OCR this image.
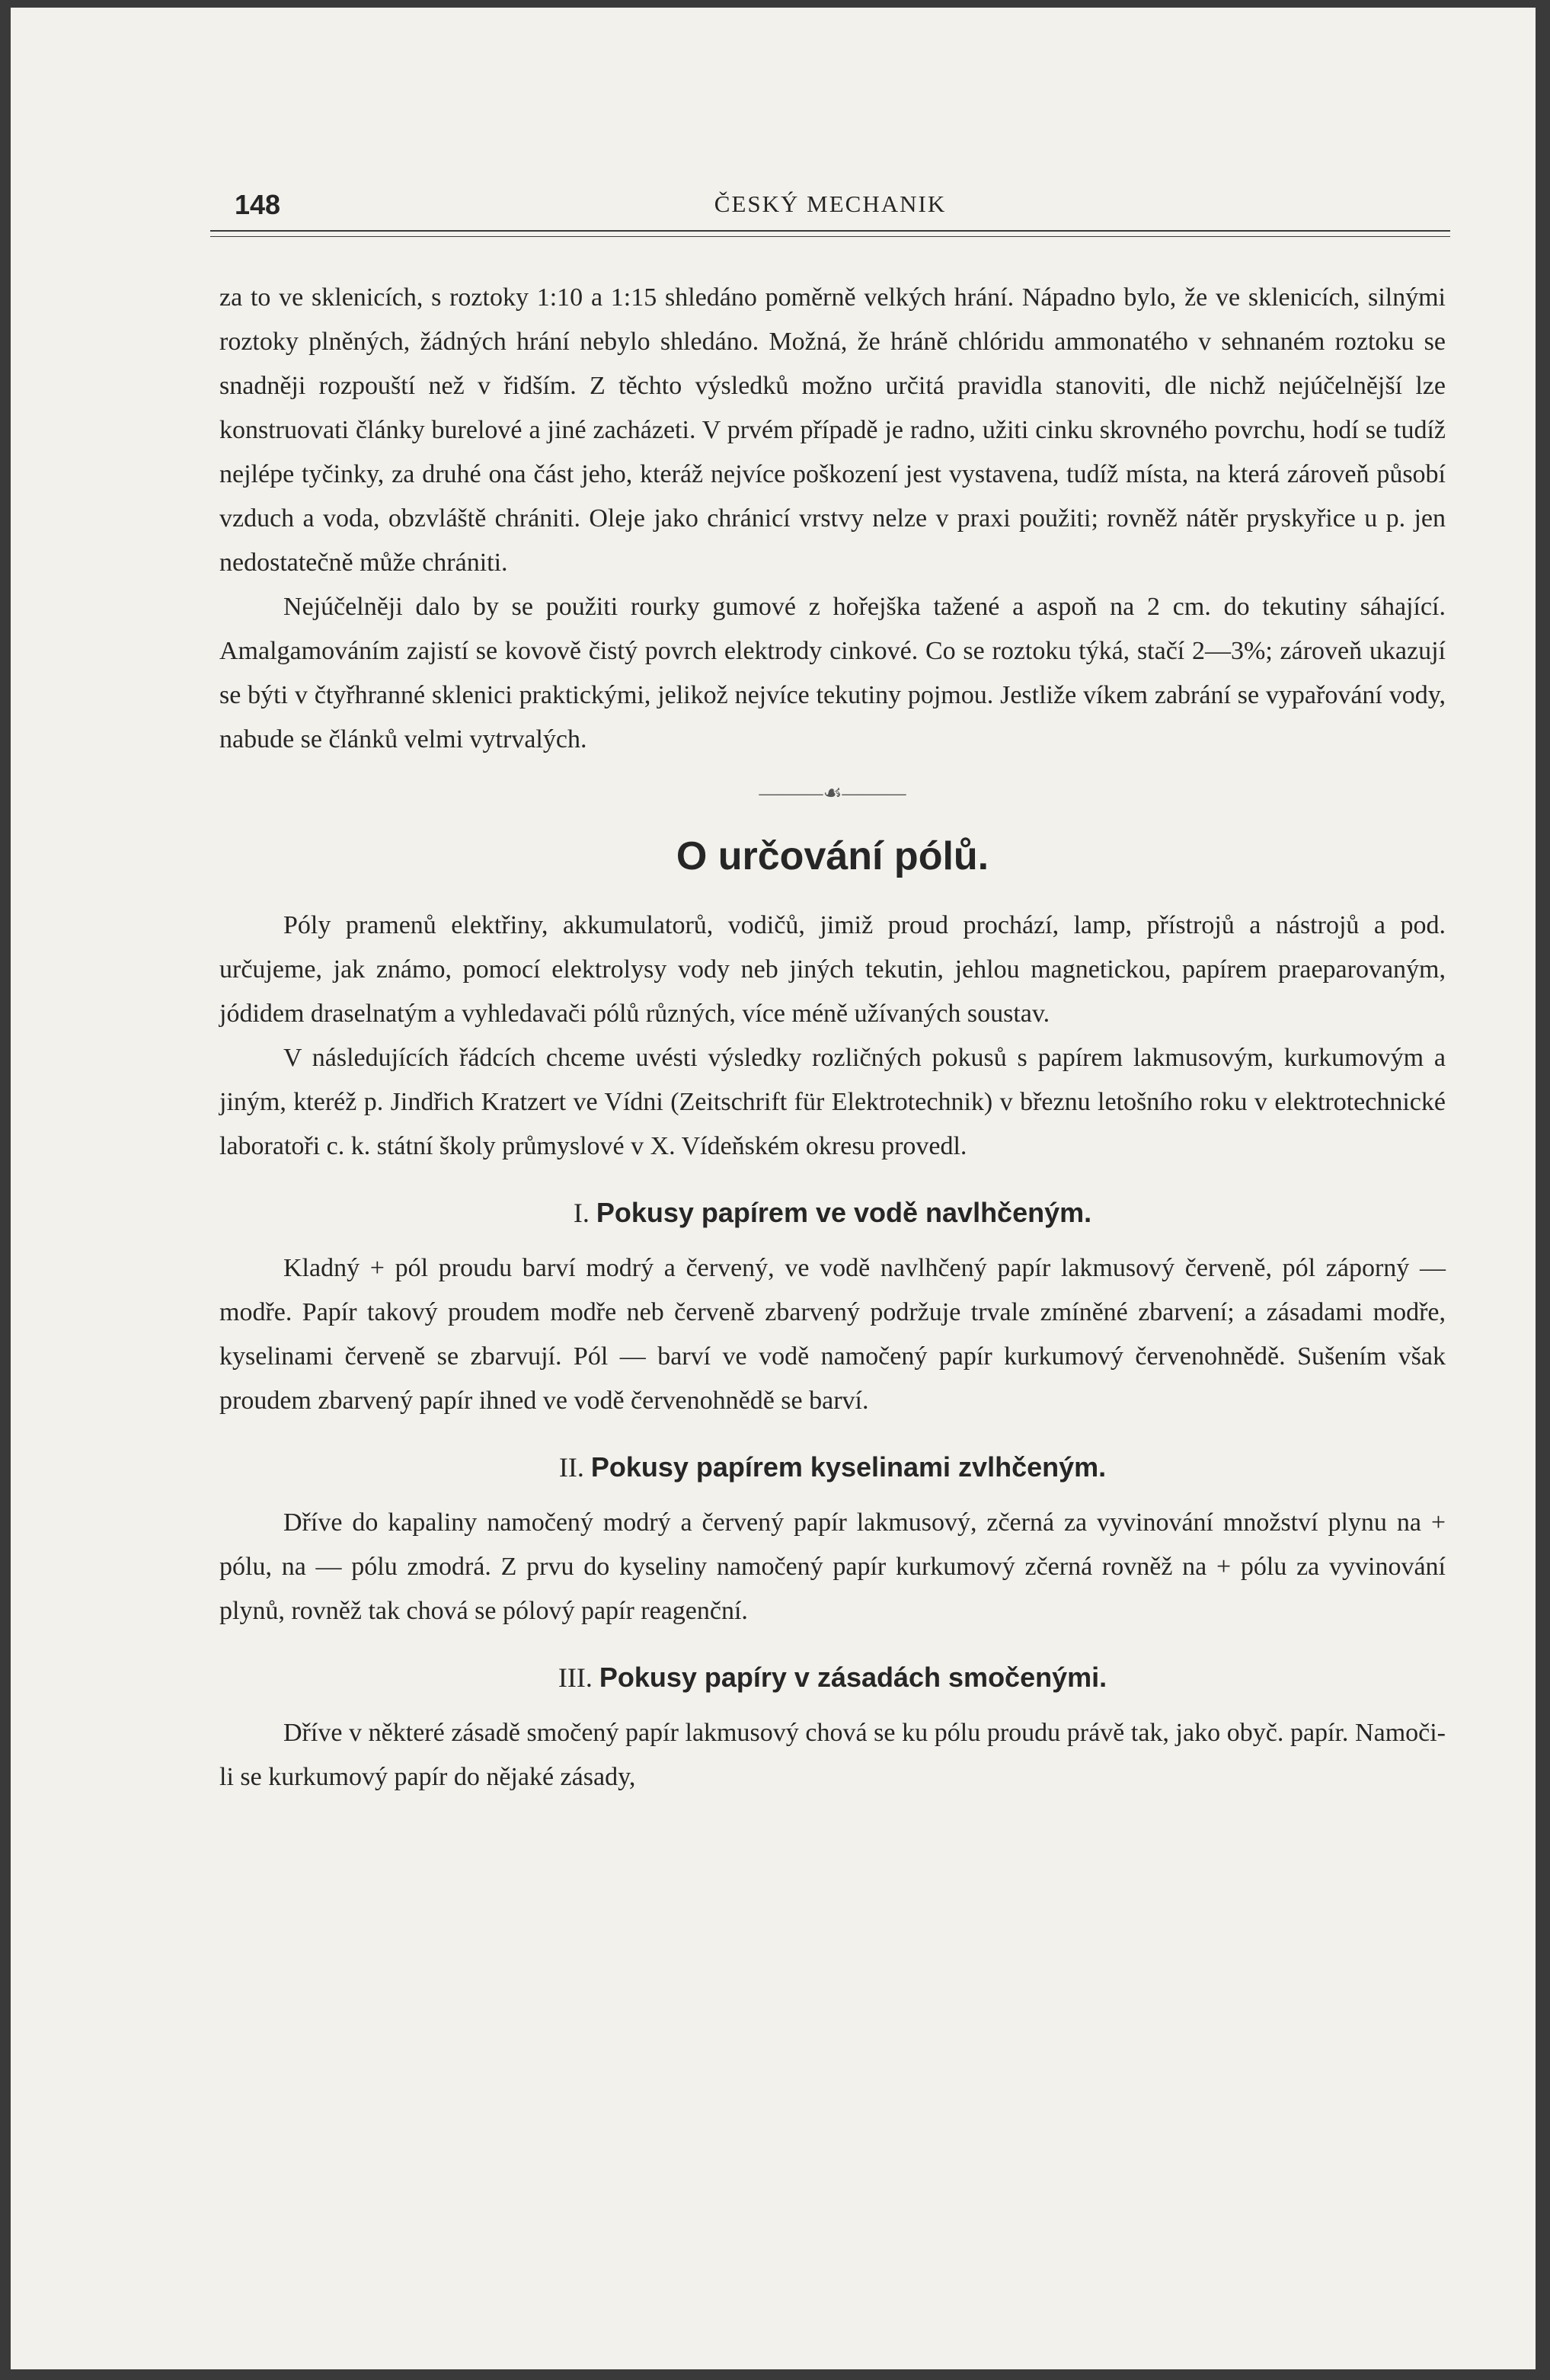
148	ČESKÝ MECHANIK

za to ve sklenicích, s roztoky 1:10 a 1:15 shledáno poměrně velkých hrání. Nápadno bylo, že ve sklenicích, silnými roztoky plněných, žádných hrání nebylo shledáno. Možná, že hráně chlóridu ammonatého v sehnaném roztoku se snadněji rozpouští než v řidším. Z těchto výsledků možno určitá pravidla stanoviti, dle nichž nejúčelnější lze konstruovati články burelové a jiné zacházeti. V prvém případě je radno, užiti cinku skrovného povrchu, hodí se tudíž nejlépe tyčinky, za druhé ona část jeho, kteráž nejvíce poškození jest vystavena, tudíž místa, na která zároveň působí vzduch a voda, obzvláště chrániti. Oleje jako chránicí vrstvy nelze v praxi použiti; rovněž nátěr pryskyřice u p. jen nedostatečně může chrániti.

Nejúčelněji dalo by se použiti rourky gumové z hořejška tažené a aspoň na 2 cm. do tekutiny sáhající. Amalgamováním zajistí se kovově čistý povrch elektrody cinkové. Co se roztoku týká, stačí 2—3%; zároveň ukazují se býti v čtyřhranné sklenici praktickými, jelikož nejvíce tekutiny pojmou. Jestliže víkem zabrání se vypařování vody, nabude se článků velmi vytrvalých.

———☙———
O určování pólů.

Póly pramenů elektřiny, akkumulatorů, vodičů, jimiž proud prochází, lamp, přístrojů a nástrojů a pod. určujeme, jak známo, pomocí elektrolysy vody neb jiných tekutin, jehlou magnetickou, papírem praeparovaným, jódidem draselnatým a vyhledavači pólů různých, více méně užívaných soustav.

V následujících řádcích chceme uvésti výsledky rozličných pokusů s papírem lakmusovým, kurkumovým a jiným, kteréž p. Jindřich Kratzert ve Vídni (Zeitschrift für Elektrotechnik) v březnu letošního roku v elektrotechnické laboratoři c. k. státní školy průmyslové v X. Vídeňském okresu provedl.

I. Pokusy papírem ve vodě navlhčeným.

Kladný + pól proudu barví modrý a červený, ve vodě navlhčený papír lakmusový červeně, pól záporný — modře. Papír takový proudem modře neb červeně zbarvený podržuje trvale zmíněné zbarvení; a zásadami modře, kyselinami červeně se zbarvují. Pól — barví ve vodě namočený papír kurkumový červenohnědě. Sušením však proudem zbarvený papír ihned ve vodě červenohnědě se barví.

II. Pokusy papírem kyselinami zvlhčeným.

Dříve do kapaliny namočený modrý a červený papír lakmusový, zčerná za vyvinování množství plynu na + pólu, na — pólu zmodrá. Z prvu do kyseliny namočený papír kurkumový zčerná rovněž na + pólu za vyvinování plynů, rovněž tak chová se pólový papír reagenční.

III. Pokusy papíry v zásadách smočenými.

Dříve v některé zásadě smočený papír lakmusový chová se ku pólu proudu právě tak, jako obyč. papír. Namoči-li se kurkumový papír do nějaké zásady,
